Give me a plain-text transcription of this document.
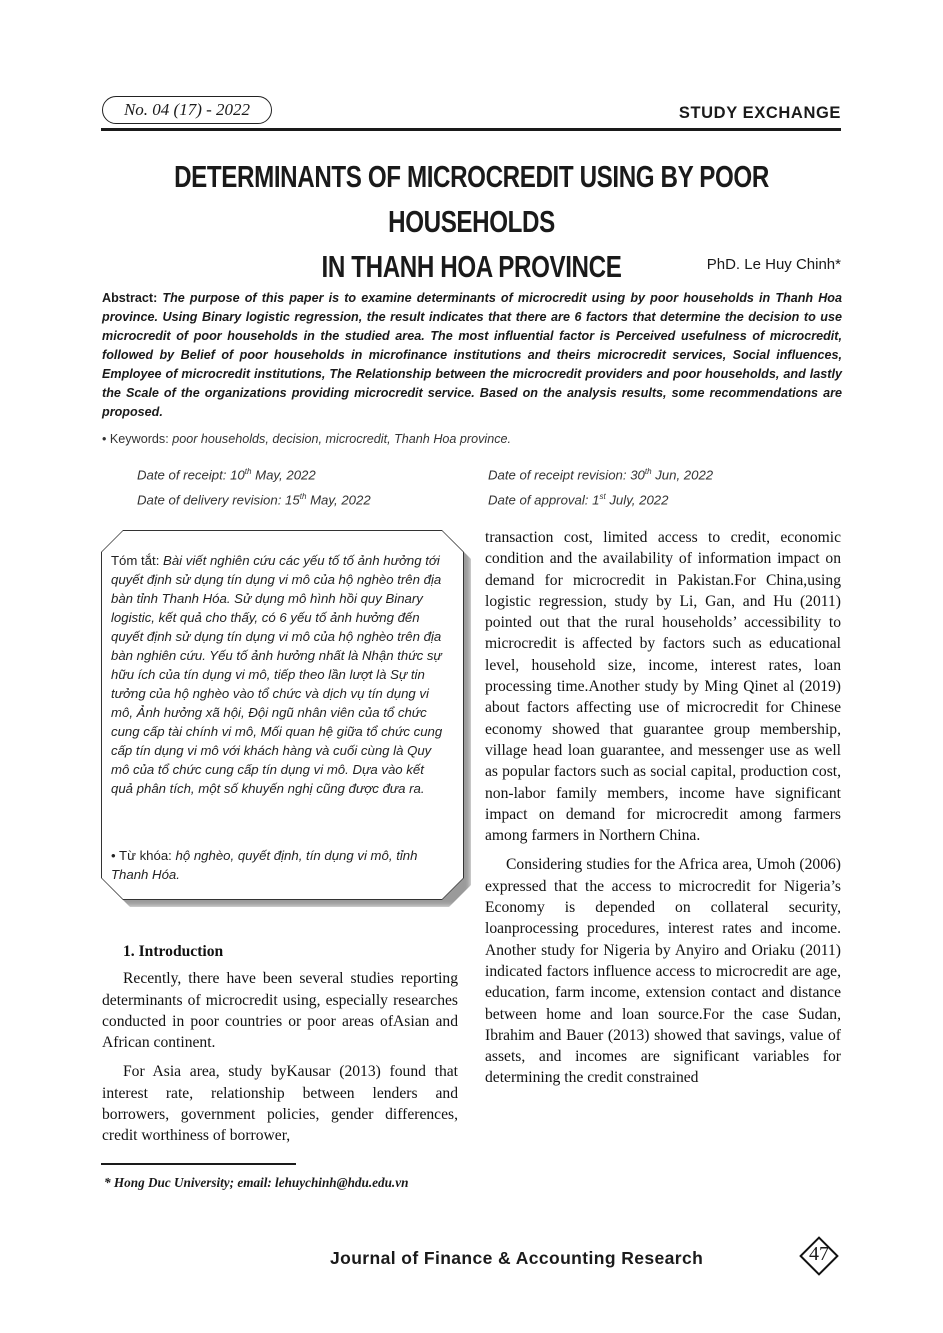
No. 04 (17) - 2022	STUDY EXCHANGE
DETERMINANTS OF MICROCREDIT USING BY POOR HOUSEHOLDS
IN THANH HOA PROVINCE	PhD. Le Huy Chinh*
Abstract: The purpose of this paper is to examine determinants of microcredit using by poor households in Thanh Hoa province. Using Binary logistic regression, the result indicates that there are 6 factors that determine the decision to use microcredit of poor households in the studied area. The most influential factor is Perceived usefulness of microcredit, followed by Belief of poor households in microfinance institutions and theirs microcredit services, Social influences, Employee of microcredit institutions, The Relationship between the microcredit providers and poor households, and lastly the Scale of the organizations providing microcredit service. Based on the analysis results, some recommendations are proposed.
• Keywords: poor households, decision, microcredit, Thanh Hoa province.
Date of receipt: 10th May, 2022
Date of delivery revision: 15th May, 2022
Date of receipt revision: 30th Jun, 2022
Date of approval: 1st July, 2022
Tóm tắt: Bài viết nghiên cứu các yếu tố tố ảnh hưởng tới quyết định sử dụng tín dụng vi mô của hộ nghèo trên địa bàn tỉnh Thanh Hóa. Sử dụng mô hình hồi quy Binary logistic, kết quả cho thấy, có 6 yếu tố ảnh hưởng đến quyết định sử dụng tín dụng vi mô của hộ nghèo trên địa bàn nghiên cứu. Yếu tố ảnh hưởng nhất là Nhận thức sự hữu ích của tín dụng vi mô, tiếp theo lần lượt là Sự tin tưởng của hộ nghèo vào tổ chức và dịch vụ tín dụng vi mô, Ảnh hưởng xã hội, Đội ngũ nhân viên của tổ chức cung cấp tài chính vi mô, Mối quan hệ giữa tổ chức cung cấp tín dụng vi mô với khách hàng và cuối cùng là Quy mô của tổ chức cung cấp tín dụng vi mô. Dựa vào kết quả phân tích, một số khuyến nghị cũng được đưa ra.
• Từ khóa: hộ nghèo, quyết định, tín dụng vi mô, tỉnh Thanh Hóa.

1. Introduction

Recently, there have been several studies reporting determinants of microcredit using, especially researches conducted in poor countries or poor areas ofAsian and African continent.

For Asia area, study byKausar (2013) found that interest rate, relationship between lenders and borrowers, government policies, gender differences, credit worthiness of borrower,

transaction cost, limited access to credit, economic condition and the availability of information impact on demand for microcredit in Pakistan.For China,using logistic regression, study by Li, Gan, and Hu (2011) pointed out that the rural households’ accessibility to microcredit is affected by factors such as educational level, household size, income, interest rates, loan processing time.Another study by Ming Qinet al (2019) about factors affecting use of microcredit for Chinese economy showed that guarantee group membership, village head loan guarantee, and messenger use as well as popular factors such as social capital, production cost, non-labor family members, income have significant impact on demand for microcredit among farmers among farmers in Northern China.

Considering studies for the Africa area, Umoh (2006) expressed that the access to microcredit for Nigeria’s Economy is depended on collateral security, loanprocessing procedures, interest rates and income. Another study for Nigeria by Anyiro and Oriaku (2011) indicated factors influence access to microcredit are age, education, farm income, extension contact and distance between home and loan source.For the case Sudan, Ibrahim and Bauer (2013) showed that savings, value of assets, and incomes are significant variables for determining the credit constrained

* Hong Duc University; email: lehuychinh@hdu.edu.vn
Journal of Finance & Accounting Research	47
